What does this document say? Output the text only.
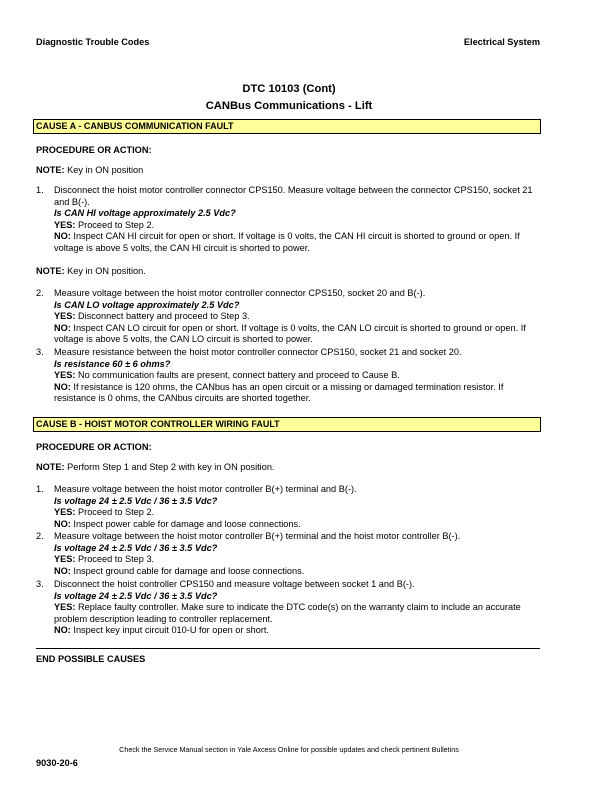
Diagnostic Trouble Codes	Electrical System
DTC 10103 (Cont)
CANBus Communications - Lift
CAUSE A - CANBUS COMMUNICATION FAULT
PROCEDURE OR ACTION:
NOTE: Key in ON position
1.	Disconnect the hoist motor controller connector CPS150. Measure voltage between the connector CPS150, socket 21 and B(-).
Is CAN HI voltage approximately 2.5 Vdc?
YES: Proceed to Step 2.
NO: Inspect CAN HI circuit for open or short. If voltage is 0 volts, the CAN HI circuit is shorted to ground or open. If voltage is above 5 volts, the CAN HI circuit is shorted to power.
NOTE: Key in ON position.
2.	Measure voltage between the hoist motor controller connector CPS150, socket 20 and B(-).
Is CAN LO voltage approximately 2.5 Vdc?
YES: Disconnect battery and proceed to Step 3.
NO: Inspect CAN LO circuit for open or short. If voltage is 0 volts, the CAN LO circuit is shorted to ground or open. If voltage is above 5 volts, the CAN LO circuit is shorted to power.
3.	Measure resistance between the hoist motor controller connector CPS150, socket 21 and socket 20.
Is resistance 60 ± 6 ohms?
YES: No communication faults are present, connect battery and proceed to Cause B.
NO: If resistance is 120 ohms, the CANbus has an open circuit or a missing or damaged termination resistor. If resistance is 0 ohms, the CANbus circuits are shorted together.
CAUSE B - HOIST MOTOR CONTROLLER WIRING FAULT
PROCEDURE OR ACTION:
NOTE: Perform Step 1 and Step 2 with key in ON position.
1.	Measure voltage between the hoist motor controller B(+) terminal and B(-).
Is voltage 24 ± 2.5 Vdc / 36 ± 3.5 Vdc?
YES: Proceed to Step 2.
NO: Inspect power cable for damage and loose connections.
2.	Measure voltage between the hoist motor controller B(+) terminal and the hoist motor controller B(-).
Is voltage 24 ± 2.5 Vdc / 36 ± 3.5 Vdc?
YES: Proceed to Step 3.
NO: Inspect ground cable for damage and loose connections.
3.	Disconnect the hoist controller CPS150 and measure voltage between socket 1 and B(-).
Is voltage 24 ± 2.5 Vdc / 36 ± 3.5 Vdc?
YES: Replace faulty controller. Make sure to indicate the DTC code(s) on the warranty claim to include an accurate problem description leading to controller replacement.
NO: Inspect key input circuit 010-U for open or short.
END POSSIBLE CAUSES
Check the Service Manual section in Yale Axcess Online for possible updates and check pertinent Bulletins
9030-20-6
